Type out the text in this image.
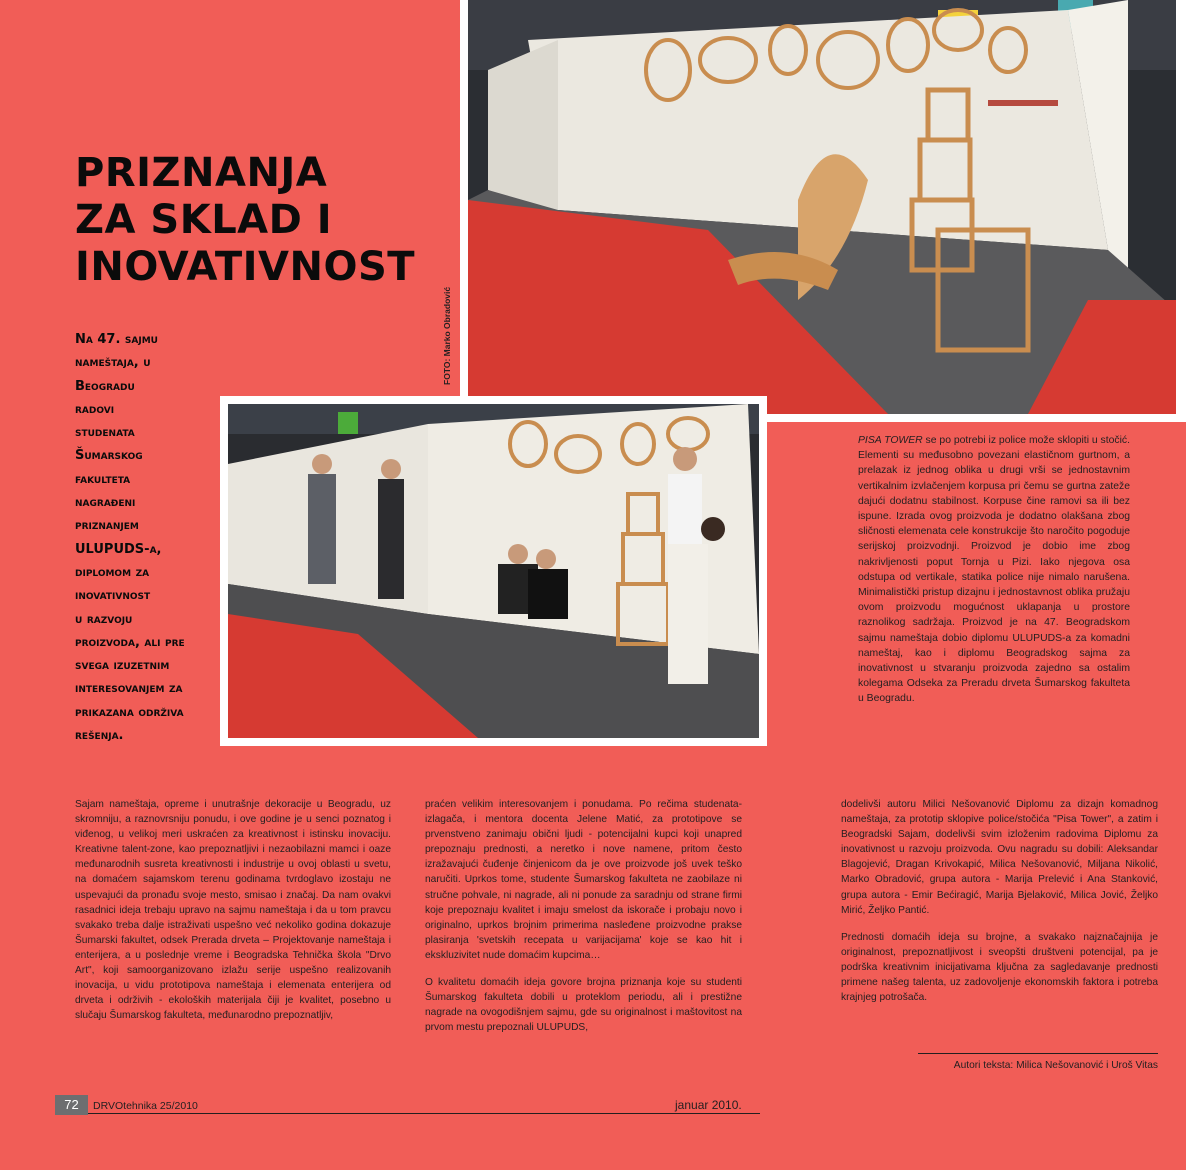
FOTO: Marko Obradović
PRIZNANJA
ZA SKLAD I
INOVATIVNOST
Na 47. sajmu
nameštaja, u
Beogradu
radovi
studenata
Šumarskog
fakulteta
nagrađeni
priznanjem
ULUPUDS-a,
diplomom za
inovativnost
u razvoju
proizvoda, ali pre
svega izuzetnim
interesovanjem za
prikazana održiva
rešenja.
PISA TOWER se po potrebi iz police može sklopiti u stočić. Elementi su međusobno povezani elastičnom gurtnom, a prelazak iz jednog oblika u drugi vrši se jednostavnim vertikalnim izvlačenjem korpusa pri čemu se gurtna zateže dajući dodatnu stabilnost. Korpuse čine ramovi sa ili bez ispune. Izrada ovog proizvoda je dodatno olakšana zbog sličnosti elemenata cele konstrukcije što naročito pogoduje serijskoj proizvodnji. Proizvod je dobio ime zbog nakrivljenosti poput Tornja u Pizi. Iako njegova osa odstupa od vertikale, statika police nije nimalo narušena. Minimalistički pristup dizajnu i jednostavnost oblika pružaju ovom proizvodu mogućnost uklapanja u prostore raznolikog sadržaja. Proizvod je na 47. Beogradskom sajmu nameštaja dobio diplomu ULUPUDS-a za komadni nameštaj, kao i diplomu Beogradskog sajma za inovativnost u stvaranju proizvoda zajedno sa ostalim kolegama Odseka za Preradu drveta Šumarskog fakulteta u Beogradu.

Sajam nameštaja, opreme i unutrašnje dekoracije u Beogradu, uz skromniju, a raznovrsniju ponudu, i ove godine je u senci poznatog i viđenog, u velikoj meri uskraćen za kreativnost i istinsku inovaciju. Kreativne talent-zone, kao prepoznatljivi i nezaobilazni mamci i oaze međunarodnih susreta kreativnosti i industrije u ovoj oblasti u svetu, na domaćem sajamskom terenu godinama tvrdoglavo izostaju ne uspevajući da pronađu svoje mesto, smisao i značaj. Da nam ovakvi rasadnici ideja trebaju upravo na sajmu nameštaja i da u tom pravcu svakako treba dalje istraživati uspešno već nekoliko godina dokazuje Šumarski fakultet, odsek Prerada drveta – Projektovanje nameštaja i enterijera, a u poslednje vreme i Beogradska Tehnička škola "Drvo Art", koji samoorganizovano izlažu serije uspešno realizovanih inovacija, u vidu prototipova nameštaja i elemenata enterijera od drveta i održivih - ekoloških materijala čiji je kvalitet, posebno u slučaju Šumarskog fakulteta, međunarodno prepoznatljiv,

praćen velikim interesovanjem i ponudama. Po rečima studenata-izlagača, i mentora docenta Jelene Matić, za prototipove se prvenstveno zanimaju obični ljudi - potencijalni kupci koji unapred prepoznaju prednosti, a neretko i nove namene, pritom često izražavajući čuđenje činjenicom da je ove proizvode još uvek teško naručiti. Uprkos tome, studente Šumarskog fakulteta ne zaobilaze ni stručne pohvale, ni nagrade, ali ni ponude za saradnju od strane firmi koje prepoznaju kvalitet i imaju smelost da iskorače i probaju novo i originalno, uprkos brojnim primerima nasleđene proizvodne prakse plasiranja 'svetskih recepata u varijacijama' koje se kao hit i ekskluzivitet nude domaćim kupcima…

O kvalitetu domaćih ideja govore brojna priznanja koje su studenti Šumarskog fakulteta dobili u proteklom periodu, ali i prestižne nagrade na ovogodišnjem sajmu, gde su originalnost i maštovitost na prvom mestu prepoznali ULUPUDS,

dodelivši autoru Milici Nešovanović Diplomu za dizajn komadnog nameštaja, za prototip sklopive police/stočića "Pisa Tower", a zatim i Beogradski Sajam, dodelivši svim izloženim radovima Diplomu za inovativnost u razvoju proizvoda. Ovu nagradu su dobili: Aleksandar Blagojević, Dragan Krivokapić, Milica Nešovanović, Miljana Nikolić, Marko Obradović, grupa autora - Marija Prelević i Ana Stanković, grupa autora - Emir Bećiragić, Marija Bjelaković, Milica Jović, Željko Mirić, Željko Pantić.

Prednosti domaćih ideja su brojne, a svakako najznačajnija je originalnost, prepoznatljivost i sveopšti društveni potencijal, pa je podrška kreativnim inicijativama ključna za sagledavanje prednosti primene našeg talenta, uz zadovoljenje ekonomskih faktora i potreba krajnjeg potrošača.

Autori teksta: Milica Nešovanović i Uroš Vitas
72	DRVOtehnika 25/2010	januar 2010.
